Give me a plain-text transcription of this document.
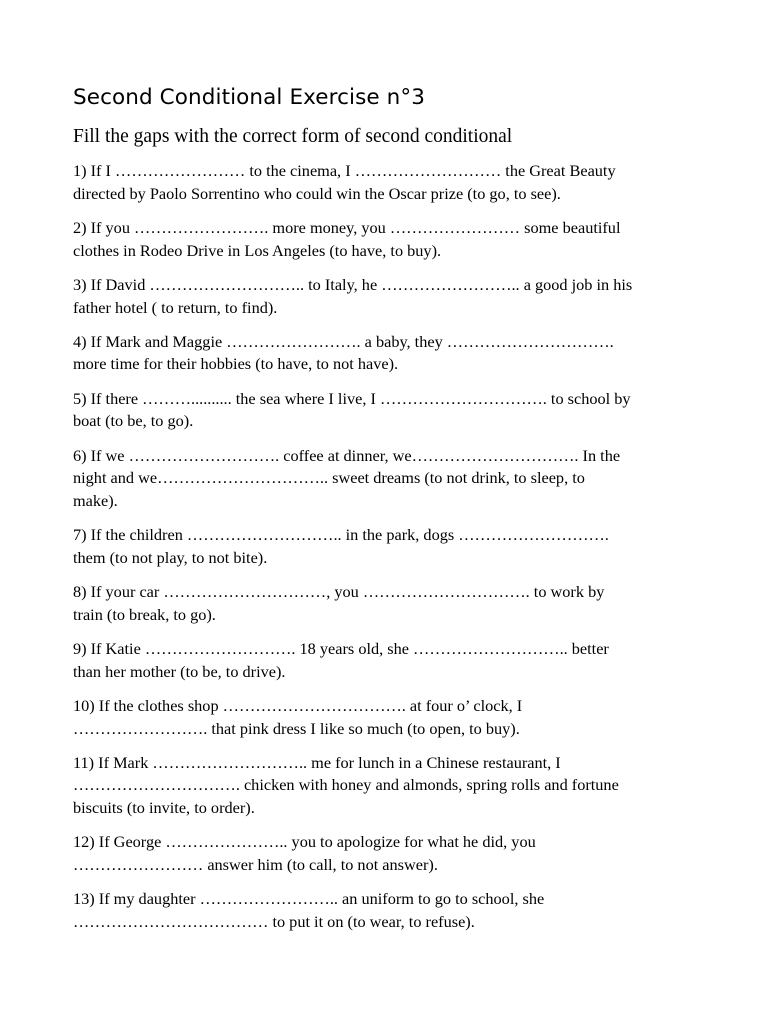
Second Conditional Exercise n°3

Fill the gaps with the correct form of second conditional

1) If I …………………… to the cinema, I ……………………… the Great Beauty
directed by Paolo Sorrentino who could win the Oscar prize (to go, to see).
2) If you ……………………. more money, you …………………… some beautiful
clothes in Rodeo Drive in Los Angeles (to have, to buy).
3) If David ……………………….. to Italy, he …………………….. a good job in his
father hotel ( to return, to find).
4) If Mark and Maggie ……………………. a baby, they ………………………….
more time for their hobbies (to have, to not have).
5) If there ……….......... the sea where I live, I …………………………. to school by
boat (to be, to go).
6) If we ………………………. coffee at dinner, we…………………………. In the
night and we………………………….. sweet dreams (to not drink, to sleep, to
make).
7) If the children ……………………….. in the park, dogs ……………………….
them (to not play, to not bite).
8) If your car …………………………, you …………………………. to work by
train (to break, to go).
9) If Katie ………………………. 18 years old, she ……………………….. better
than her mother (to be, to drive).
10) If the clothes shop ……………………………. at four o’ clock, I
……………………. that pink dress I like so much (to open, to buy).
11) If Mark ……………………….. me for lunch in a Chinese restaurant, I
…………………………. chicken with honey and almonds, spring rolls and fortune
biscuits (to invite, to order).
12) If George ………………….. you to apologize for what he did, you
…………………… answer him (to call, to not answer).
13) If my daughter …………………….. an uniform to go to school, she
……………………………… to put it on (to wear, to refuse).
